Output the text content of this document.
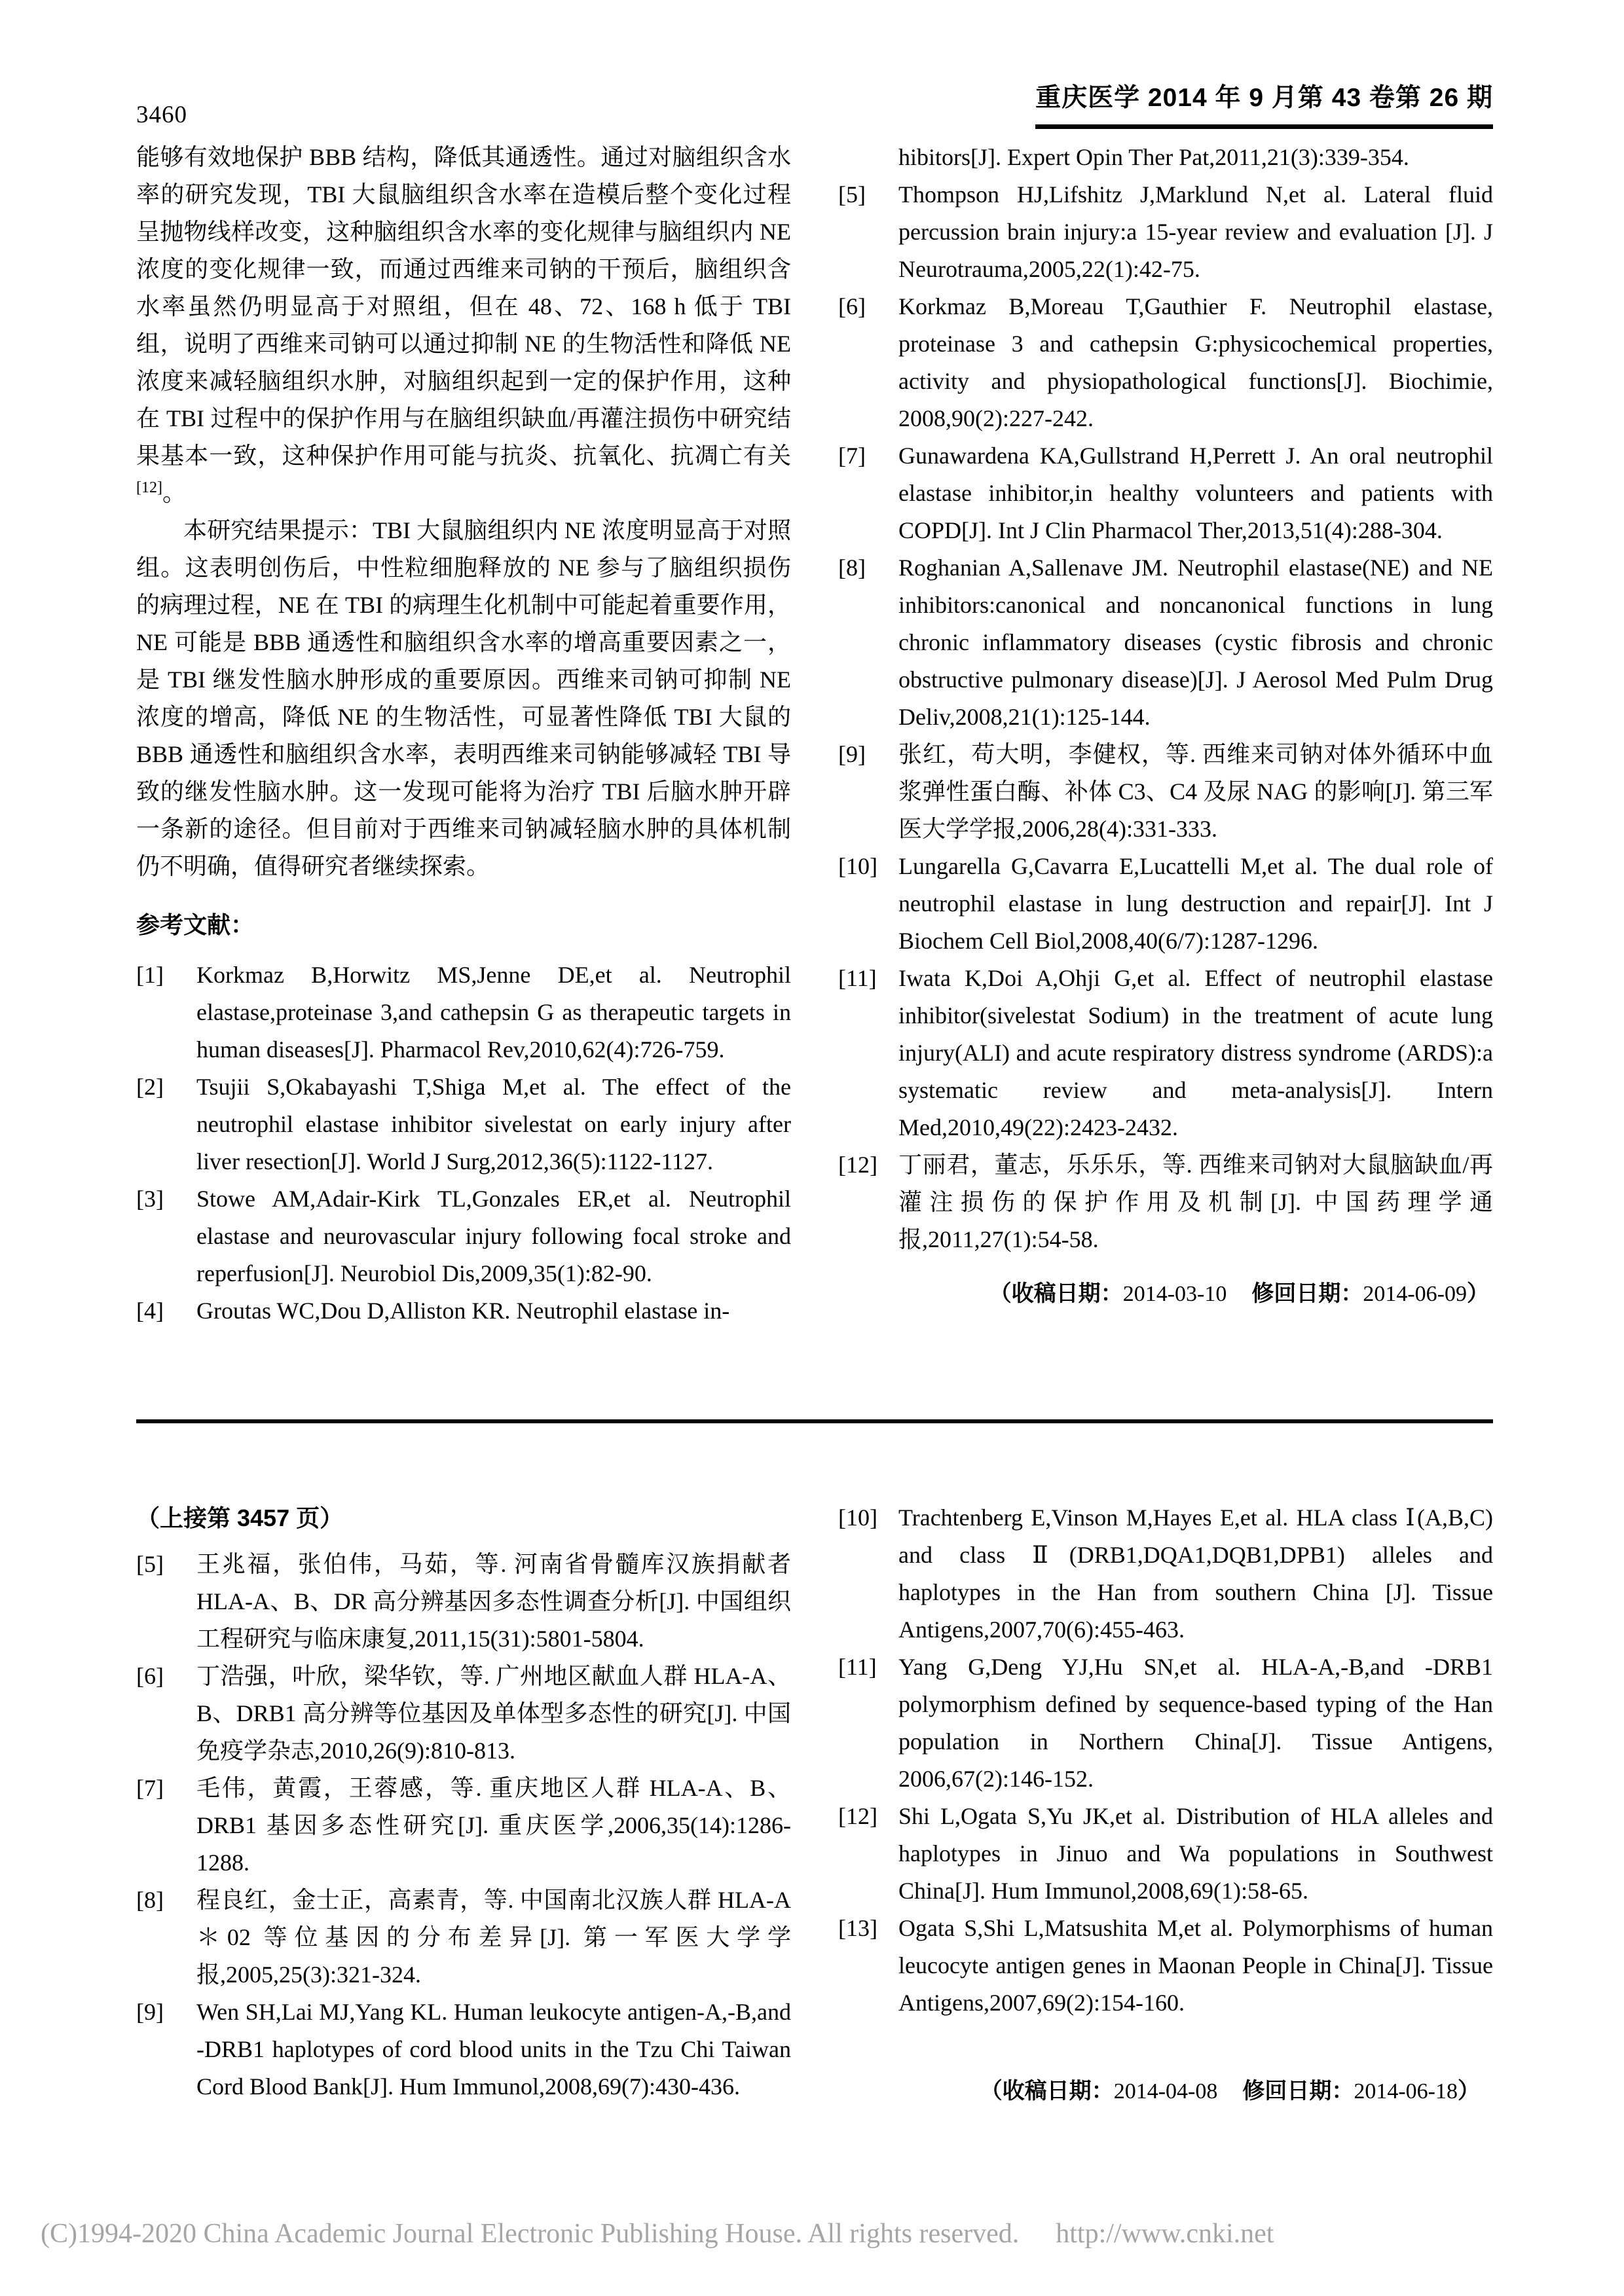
3460
重庆医学 2014 年 9 月第 43 卷第 26 期

能够有效地保护 BBB 结构，降低其通透性。通过对脑组织含水率的研究发现，TBI 大鼠脑组织含水率在造模后整个变化过程呈抛物线样改变，这种脑组织含水率的变化规律与脑组织内 NE 浓度的变化规律一致，而通过西维来司钠的干预后，脑组织含水率虽然仍明显高于对照组，但在 48、72、168 h 低于 TBI 组，说明了西维来司钠可以通过抑制 NE 的生物活性和降低 NE 浓度来减轻脑组织水肿，对脑组织起到一定的保护作用，这种在 TBI 过程中的保护作用与在脑组织缺血/再灌注损伤中研究结果基本一致，这种保护作用可能与抗炎、抗氧化、抗凋亡有关[12]。

本研究结果提示：TBI 大鼠脑组织内 NE 浓度明显高于对照组。这表明创伤后，中性粒细胞释放的 NE 参与了脑组织损伤的病理过程，NE 在 TBI 的病理生化机制中可能起着重要作用，NE 可能是 BBB 通透性和脑组织含水率的增高重要因素之一，是 TBI 继发性脑水肿形成的重要原因。西维来司钠可抑制 NE 浓度的增高，降低 NE 的生物活性，可显著性降低 TBI 大鼠的 BBB 通透性和脑组织含水率，表明西维来司钠能够减轻 TBI 导致的继发性脑水肿。这一发现可能将为治疗 TBI 后脑水肿开辟一条新的途径。但目前对于西维来司钠减轻脑水肿的具体机制仍不明确，值得研究者继续探索。

参考文献：

[1] Korkmaz B,Horwitz MS,Jenne DE,et al. Neutrophil elastase,proteinase 3,and cathepsin G as therapeutic targets in human diseases[J]. Pharmacol Rev,2010,62(4):726-759.

[2] Tsujii S,Okabayashi T,Shiga M,et al. The effect of the neutrophil elastase inhibitor sivelestat on early injury after liver resection[J]. World J Surg,2012,36(5):1122-1127.

[3] Stowe AM,Adair-Kirk TL,Gonzales ER,et al. Neutrophil elastase and neurovascular injury following focal stroke and reperfusion[J]. Neurobiol Dis,2009,35(1):82-90.

[4] Groutas WC,Dou D,Alliston KR. Neutrophil elastase in-

hibitors[J]. Expert Opin Ther Pat,2011,21(3):339-354.

[5] Thompson HJ,Lifshitz J,Marklund N,et al. Lateral fluid percussion brain injury:a 15-year review and evaluation [J]. J Neurotrauma,2005,22(1):42-75.

[6] Korkmaz B,Moreau T,Gauthier F. Neutrophil elastase, proteinase 3 and cathepsin G:physicochemical properties, activity and physiopathological functions[J]. Biochimie, 2008,90(2):227-242.

[7] Gunawardena KA,Gullstrand H,Perrett J. An oral neutrophil elastase inhibitor,in healthy volunteers and patients with COPD[J]. Int J Clin Pharmacol Ther,2013,51(4):288-304.

[8] Roghanian A,Sallenave JM. Neutrophil elastase(NE) and NE inhibitors:canonical and noncanonical functions in lung chronic inflammatory diseases (cystic fibrosis and chronic obstructive pulmonary disease)[J]. J Aerosol Med Pulm Drug Deliv,2008,21(1):125-144.

[9] 张红，苟大明，李健权，等. 西维来司钠对体外循环中血浆弹性蛋白酶、补体 C3、C4 及尿 NAG 的影响[J]. 第三军医大学学报,2006,28(4):331-333.

[10] Lungarella G,Cavarra E,Lucattelli M,et al. The dual role of neutrophil elastase in lung destruction and repair[J]. Int J Biochem Cell Biol,2008,40(6/7):1287-1296.

[11] Iwata K,Doi A,Ohji G,et al. Effect of neutrophil elastase inhibitor(sivelestat Sodium) in the treatment of acute lung injury(ALI) and acute respiratory distress syndrome (ARDS):a systematic review and meta-analysis[J]. Intern Med,2010,49(22):2423-2432.

[12] 丁丽君，董志，乐乐乐，等. 西维来司钠对大鼠脑缺血/再灌注损伤的保护作用及机制[J]. 中国药理学通报,2011,27(1):54-58.

（收稿日期：2014-03-10 修回日期：2014-06-09）
（上接第 3457 页）

[5] 王兆福，张伯伟，马茹，等. 河南省骨髓库汉族捐献者 HLA-A、B、DR 高分辨基因多态性调查分析[J]. 中国组织工程研究与临床康复,2011,15(31):5801-5804.

[6] 丁浩强，叶欣，梁华钦，等. 广州地区献血人群 HLA-A、B、DRB1 高分辨等位基因及单体型多态性的研究[J]. 中国免疫学杂志,2010,26(9):810-813.

[7] 毛伟，黄霞，王蓉感，等. 重庆地区人群 HLA-A、B、DRB1 基因多态性研究[J]. 重庆医学,2006,35(14):1286-1288.

[8] 程良红，金士正，高素青，等. 中国南北汉族人群 HLA-A＊02 等位基因的分布差异[J]. 第一军医大学学报,2005,25(3):321-324.

[9] Wen SH,Lai MJ,Yang KL. Human leukocyte antigen-A,-B,and -DRB1 haplotypes of cord blood units in the Tzu Chi Taiwan Cord Blood Bank[J]. Hum Immunol,2008,69(7):430-436.

[10] Trachtenberg E,Vinson M,Hayes E,et al. HLA class Ⅰ(A,B,C) and class Ⅱ(DRB1,DQA1,DQB1,DPB1) alleles and haplotypes in the Han from southern China [J]. Tissue Antigens,2007,70(6):455-463.

[11] Yang G,Deng YJ,Hu SN,et al. HLA-A,-B,and -DRB1 polymorphism defined by sequence-based typing of the Han population in Northern China[J]. Tissue Antigens, 2006,67(2):146-152.

[12] Shi L,Ogata S,Yu JK,et al. Distribution of HLA alleles and haplotypes in Jinuo and Wa populations in Southwest China[J]. Hum Immunol,2008,69(1):58-65.

[13] Ogata S,Shi L,Matsushita M,et al. Polymorphisms of human leucocyte antigen genes in Maonan People in China[J]. Tissue Antigens,2007,69(2):154-160.

（收稿日期：2014-04-08 修回日期：2014-06-18）
(C)1994-2020 China Academic Journal Electronic Publishing House. All rights reserved. http://www.cnki.net
